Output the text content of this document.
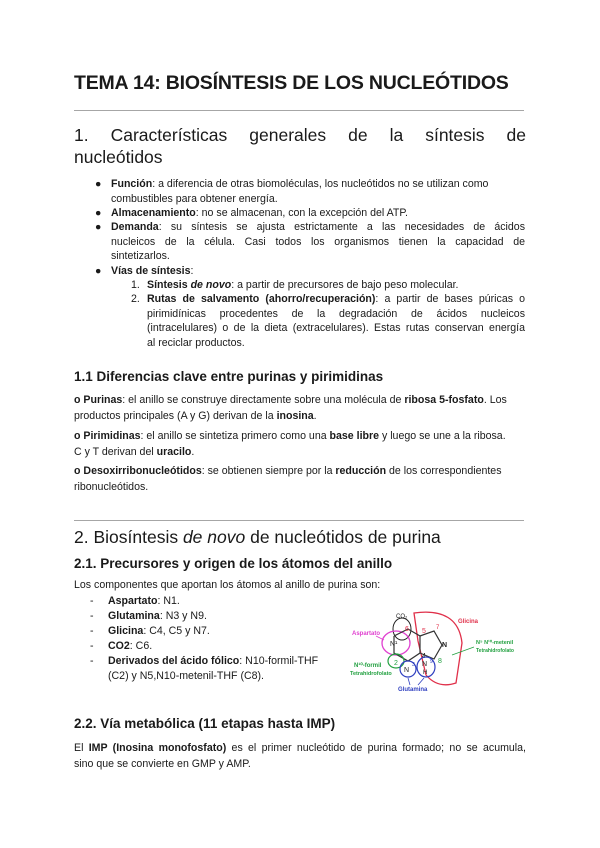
TEMA 14: BIOSÍNTESIS DE LOS NUCLEÓTIDOS
1. Características generales de la síntesis de
nucleótidos
● Función: a diferencia de otras biomoléculas, los nucleótidos no se utilizan como
combustibles para obtener energía.
● Almacenamiento: no se almacenan, con la excepción del ATP.
● Demanda: su síntesis se ajusta estrictamente a las necesidades de ácidos
nucleicos de la célula. Casi todos los organismos tienen la capacidad de
sintetizarlos.
● Vías de síntesis:
1. Síntesis de novo: a partir de precursores de bajo peso molecular.
2. Rutas de salvamento (ahorro/recuperación): a partir de bases púricas o
pirimidínicas procedentes de la degradación de ácidos nucleicos
(intracelulares) o de la dieta (extracelulares). Estas rutas conservan energía
al reciclar productos.
1.1 Diferencias clave entre purinas y pirimidinas
o Purinas: el anillo se construye directamente sobre una molécula de ribosa 5-fosfato. Los
productos principales (A y G) derivan de la inosina.
o Pirimidinas: el anillo se sintetiza primero como una base libre y luego se une a la ribosa.
C y T derivan del uracilo.
o Desoxirribonucleótidos: se obtienen siempre por la reducción de los correspondientes
ribonucleótidos.
2. Biosíntesis de novo de nucleótidos de purina
2.1. Precursores y origen de los átomos del anillo
Los componentes que aportan los átomos al anillo de purina son:
- Aspartato: N1.
- Glutamina: N3 y N9.
- Glicina: C4, C5 y N7.
- CO2: C6.
- Derivados del ácido fólico: N10-formil-THF
(C2) y N5,N10-metenil-THF (C8).
CO₂
Glicina
Aspartato
N¹
6 5 7
N
2
4
8
N¹⁰-formil
Tetrahidrofolato
N⁵ N¹⁰-metenil
Tetrahidrofolato
N
3 N
H
9
Glutamina
2.2. Vía metabólica (11 etapas hasta IMP)
El IMP (Inosina monofosfato) es el primer nucleótido de purina formado; no se acumula,
sino que se convierte en GMP y AMP.
